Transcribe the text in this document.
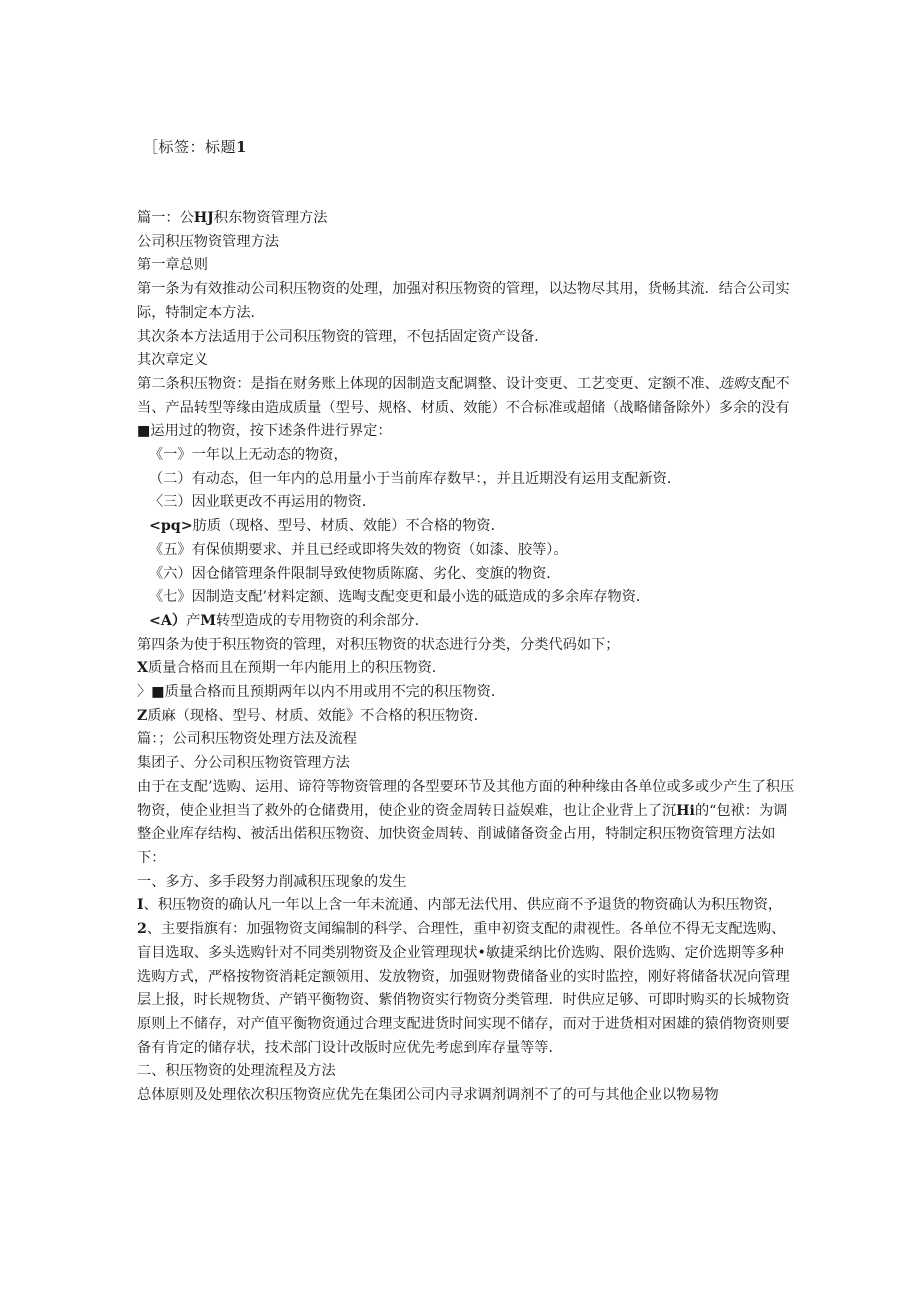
［标签：标题1

篇一：公HJ积东物资管理方法

公司积压物资管理方法

第一章总则

第一条为有效推动公司积压物资的处理，加强对积压物资的管理，以达物尽其用，货畅其流．结合公司实际，特制定本方法．

其次条本方法适用于公司积压物资的管理，不包括固定资产设备．

其次章定义

第二条积压物资：是指在财务账上体现的因制造支配调整、设计变更、工艺变更、定额不准、选购支配不当、产品转型等缘由造成质量（型号、规格、材质、效能）不合标准或超储（战略储备除外）多余的没有■运用过的物资，按下述条件进行界定：

《一》一年以上无动态的物资，

（二）有动态，但一年内的总用量小于当前库存数早：，并且近期没有运用支配新资．

〈三）因业联更改不再运用的物资．

<pq>肪质（现格、型号、材质、效能）不合格的物资．

《五》有保侦期要求、并且已经或即将失效的物资（如漆、胶等）。

《六）因仓储管理条件限制导致使物质陈腐、劣化、变旗的物资．

《七》因制造支配’材料定额、选啕支配变更和最小选的砥造成的多余库存物资．

<A）产M转型造成的专用物资的利余部分．

第四条为使于积压物资的管理，对积压物资的状态进行分类，分类代码如下；

X质量合格而且在预期一年内能用上的积压物资．

〉■质量合格而且预期两年以内不用或用不完的积压物资．

Z质麻（现格、型号、材质、效能》不合格的积压物资．

篇：；公司积压物资处理方法及流程

集团子、分公司积压物资管理方法

由于在支配’选购、运用、谛符等物资管理的各型要环节及其他方面的种种缘由各单位或多或少产生了积压物资，使企业担当了救外的仓储费用，使企业的资金周转日益娱难，也让企业背上了沉Hi的“包袱：为调整企业库存结构、被活出偌积压物资、加快资金周转、削诚储备资金占用，特制定积压物资管理方法如下：

一、多方、多手段努力削减积压现象的发生

I、积压物资的确认凡一年以上含一年未流通、内部无法代用、供应商不予退货的物资确认为积压物资，

2、主要指旗有：加强物资支闻编制的科学、合理性，重申初资支配的肃视性。各单位不得无支配选购、盲目选取、多头选购针对不同类别物资及企业管理现状•敏捷采纳比价选购、限价选购、定价选期等多种选购方式，严格按物资消耗定额领用、发放物资，加强财物费储备业的实时监控，刚好将储备状况向管理层上报，时长规物货、产销平衡物资、紫俏物资实行物资分类管理．时供应足够、可即时购买的长城物资原则上不储存，对产值平衡物资通过合理支配进货时间实现不储存，而对于进货相对困雄的猿俏物资则要备有肯定的储存状，技术部门设计改版时应优先考虑到库存量等等．

二、积压物资的处理流程及方法

总体原则及处理依次积压物资应优先在集团公司内寻求调剂调剂不了的可与其他企业以物易物
